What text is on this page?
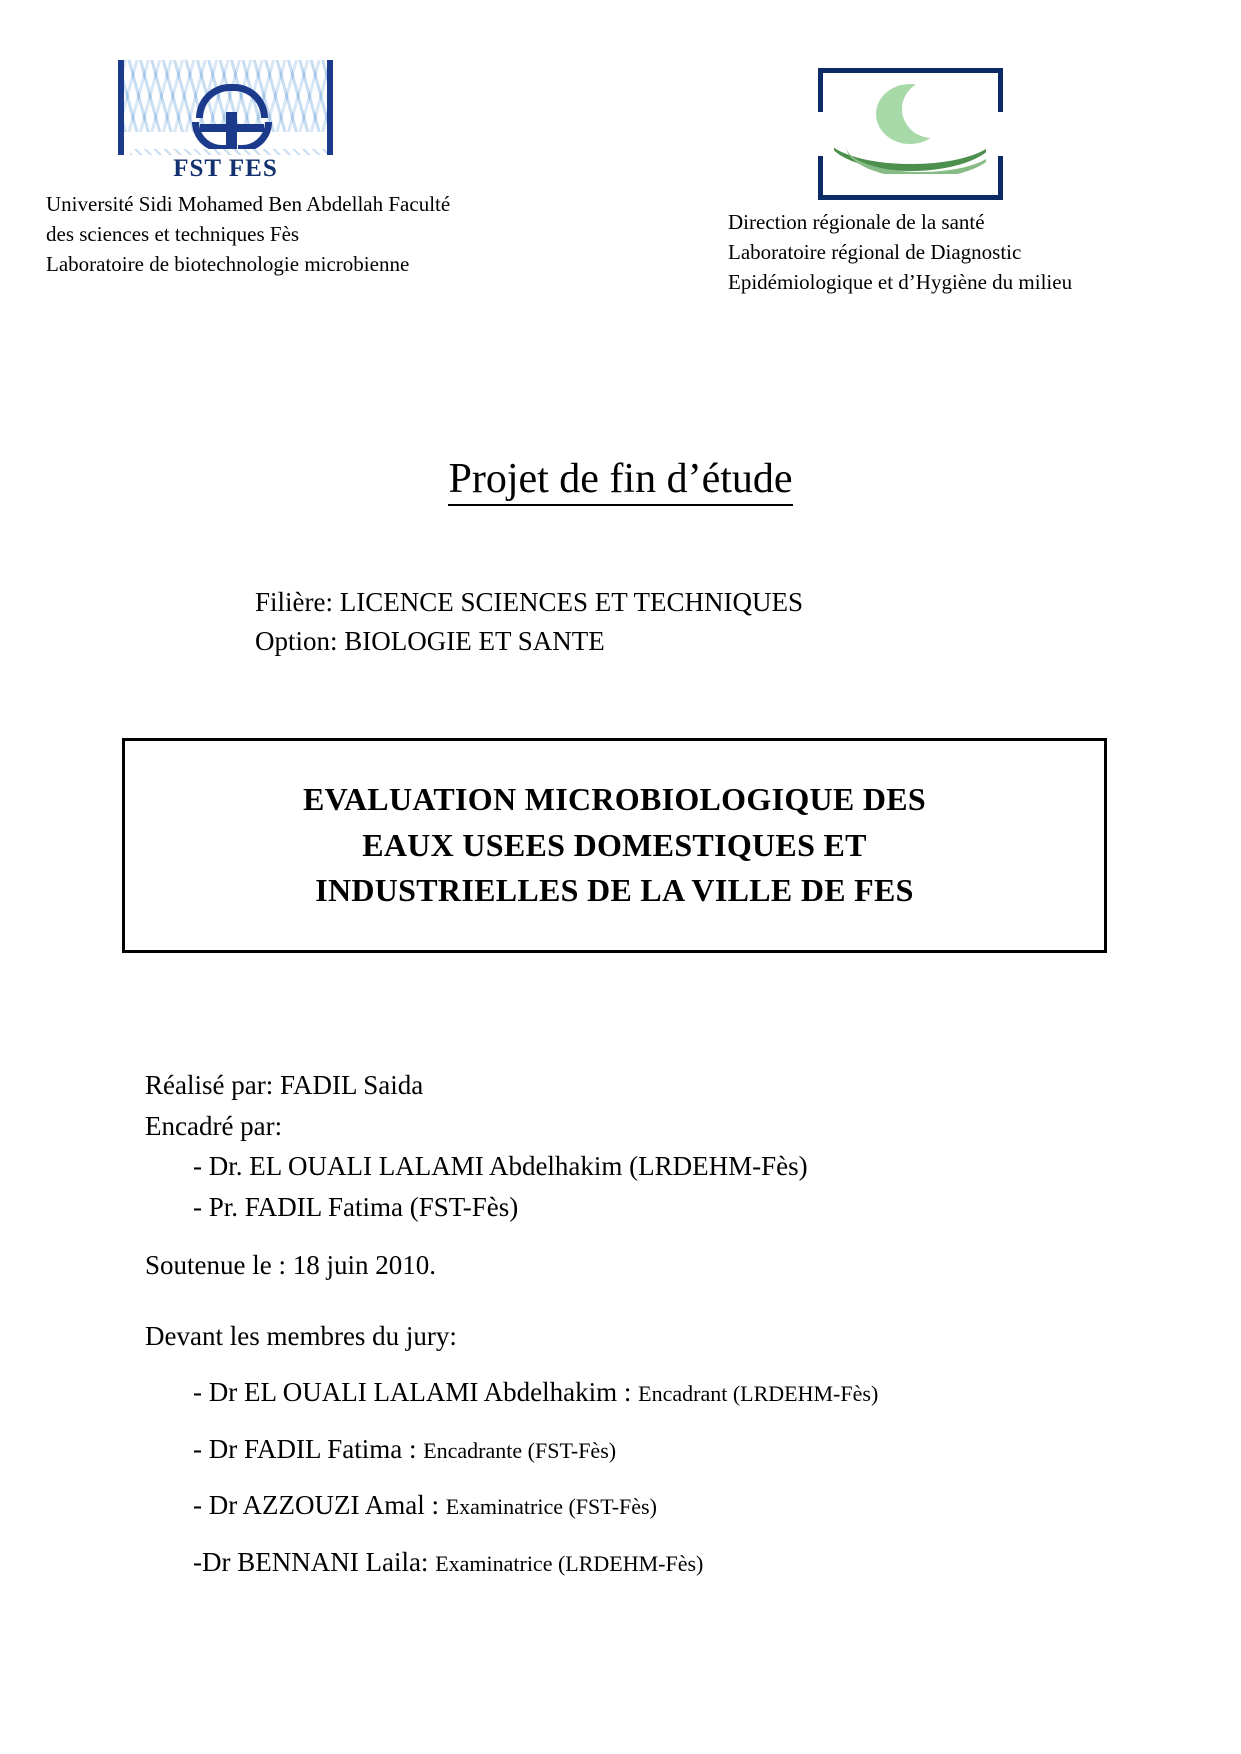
FST FES
Université Sidi Mohamed Ben Abdellah Faculté
des sciences et techniques Fès
Laboratoire de biotechnologie microbienne
Direction régionale de la santé
Laboratoire régional de Diagnostic
Epidémiologique et d’Hygiène du milieu
Projet de fin d’étude
Filière: LICENCE SCIENCES ET TECHNIQUES
Option: BIOLOGIE ET SANTE
EVALUATION MICROBIOLOGIQUE DES
EAUX USEES DOMESTIQUES ET
INDUSTRIELLES DE LA VILLE DE FES
Réalisé par: FADIL Saida
Encadré par:
- Dr. EL OUALI LALAMI Abdelhakim (LRDEHM-Fès)
- Pr. FADIL Fatima (FST-Fès)
Soutenue le : 18 juin 2010.
Devant les membres du jury:
- Dr EL OUALI LALAMI Abdelhakim : Encadrant (LRDEHM-Fès)
- Dr FADIL Fatima : Encadrante (FST-Fès)
- Dr AZZOUZI Amal : Examinatrice (FST-Fès)
-Dr BENNANI Laila: Examinatrice (LRDEHM-Fès)
